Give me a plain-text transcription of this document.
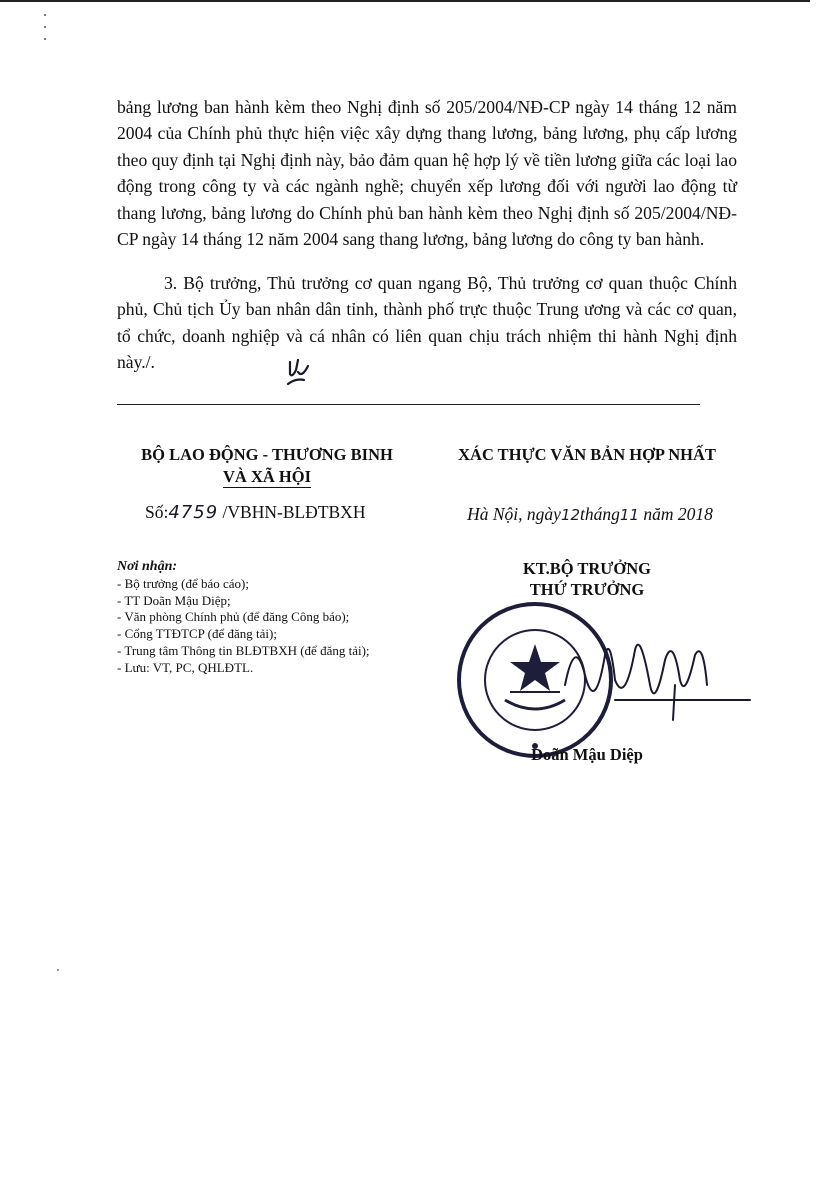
bảng lương ban hành kèm theo Nghị định số 205/2004/NĐ-CP ngày 14 tháng 12 năm 2004 của Chính phủ thực hiện việc xây dựng thang lương, bảng lương, phụ cấp lương theo quy định tại Nghị định này, bảo đảm quan hệ hợp lý về tiền lương giữa các loại lao động trong công ty và các ngành nghề; chuyển xếp lương đối với người lao động từ thang lương, bảng lương do Chính phủ ban hành kèm theo Nghị định số 205/2004/NĐ-CP ngày 14 tháng 12 năm 2004 sang thang lương, bảng lương do công ty ban hành.

3. Bộ trưởng, Thủ trưởng cơ quan ngang Bộ, Thủ trưởng cơ quan thuộc Chính phủ, Chủ tịch Ủy ban nhân dân tỉnh, thành phố trực thuộc Trung ương và các cơ quan, tổ chức, doanh nghiệp và cá nhân có liên quan chịu trách nhiệm thi hành Nghị định này./.

BỘ LAO ĐỘNG - THƯƠNG BINH
VÀ XÃ HỘI
Số:4759 /VBHN-BLĐTBXH
XÁC THỰC VĂN BẢN HỢP NHẤT
Hà Nội, ngày12tháng11 năm 2018
Nơi nhận:
- Bộ trưởng (để báo cáo);
- TT Doãn Mậu Diệp;
- Văn phòng Chính phủ (để đăng Công báo);
- Cổng TTĐTCP (để đăng tải);
- Trung tâm Thông tin BLĐTBXH (để đăng tải);
- Lưu: VT, PC, QHLĐTL.
KT.BỘ TRƯỞNG
THỨ TRƯỞNG
Doãn Mậu Diệp
